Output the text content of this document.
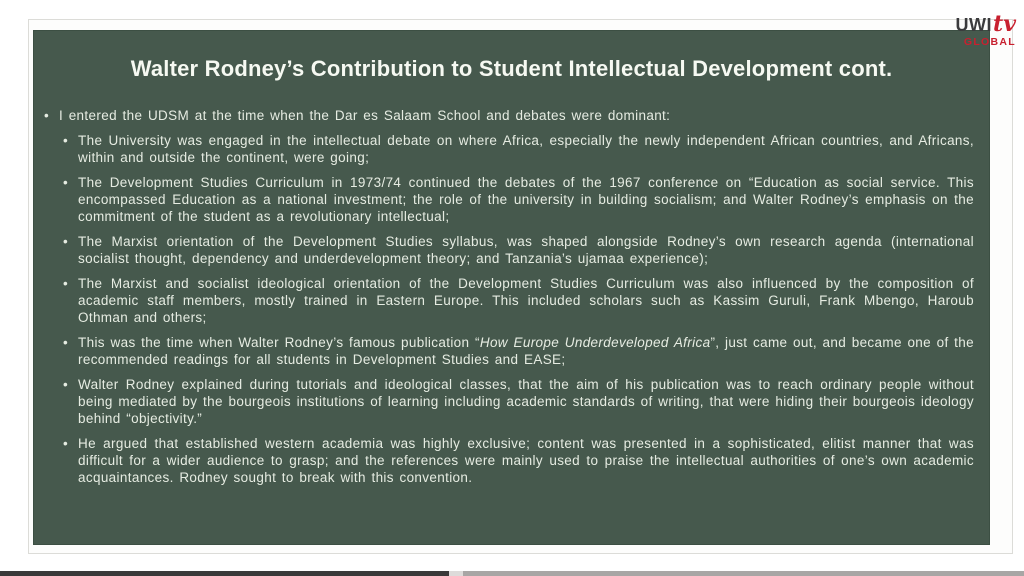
Walter Rodney’s Contribution to Student Intellectual Development cont.
•
I entered the UDSM at the time when the Dar es Salaam School and debates were dominant:
•
The University was engaged in the intellectual debate on where Africa, especially the newly independent African countries, and Africans, within and outside the continent, were going;
•
The Development Studies Curriculum in 1973/74 continued the debates of the 1967 conference on “Education as social service. This encompassed Education as a national investment; the role of the university in building socialism; and Walter Rodney’s emphasis on the commitment of the student as a revolutionary intellectual;
•
The Marxist orientation of the Development Studies syllabus, was shaped alongside Rodney’s own research agenda (international socialist thought, dependency and underdevelopment theory; and Tanzania’s ujamaa experience);
•
The Marxist and socialist ideological orientation of the Development Studies Curriculum was also influenced by the composition of academic staff members, mostly trained in Eastern Europe. This included scholars such as Kassim Guruli, Frank Mbengo, Haroub Othman and others;
•
This was the time when Walter Rodney’s famous publication “How Europe Underdeveloped Africa”, just came out, and became one of the recommended readings for all students in Development Studies and EASE;
•
Walter Rodney explained during tutorials and ideological classes, that the aim of his publication was to reach ordinary people without being mediated by the bourgeois institutions of learning including academic standards of writing, that were hiding their bourgeois ideology behind “objectivity.”
•
He argued that established western academia was highly exclusive; content was presented in a sophisticated, elitist manner that was difficult for a wider audience to grasp; and the references were mainly used to praise the intellectual authorities of one’s own academic acquaintances. Rodney sought to break with this convention.
UWItv
GLOBAL
